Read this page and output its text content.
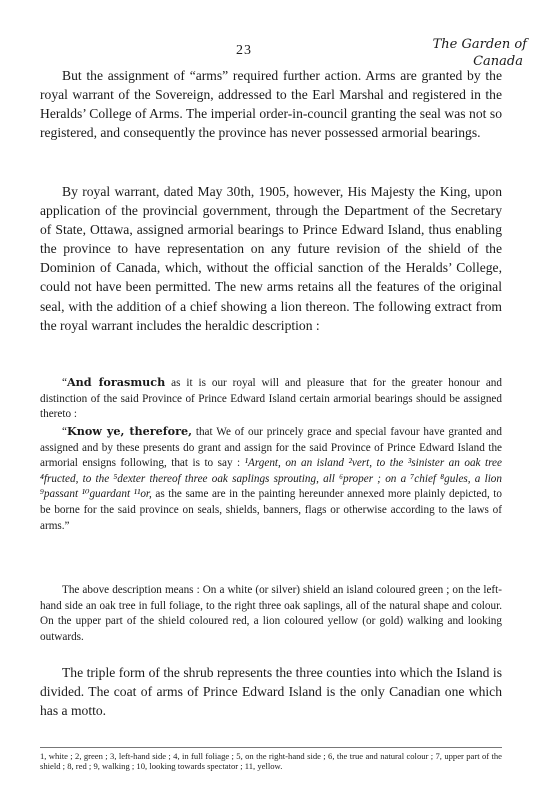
23	The Garden of
Canada

But the assignment of “arms” required further action. Arms are granted by the royal warrant of the Sovereign, addressed to the Earl Marshal and registered in the Heralds’ College of Arms. The imperial order-in-council granting the seal was not so registered, and consequently the province has never possessed armorial bearings.

By royal warrant, dated May 30th, 1905, however, His Majesty the King, upon application of the provincial government, through the Department of the Secretary of State, Ottawa, assigned armorial bearings to Prince Edward Island, thus enabling the province to have representation on any future revision of the shield of the Dominion of Canada, which, without the official sanction of the Heralds’ College, could not have been permitted. The new arms retains all the features of the original seal, with the addition of a chief showing a lion thereon. The following extract from the royal warrant includes the heraldic description :

“And forasmuch as it is our royal will and pleasure that for the greater honour and distinction of the said Province of Prince Edward Island certain armorial bearings should be assigned thereto :

“Know ye, therefore, that We of our princely grace and special favour have granted and assigned and by these presents do grant and assign for the said Province of Prince Edward Island the armorial ensigns following, that is to say : ¹Argent, on an island ²vert, to the ³sinister an oak tree ⁴fructed, to the ⁵dexter thereof three oak saplings sprouting, all ⁶proper ; on a ⁷chief ⁸gules, a lion ⁹passant ¹⁰guardant ¹¹or, as the same are in the painting hereunder annexed more plainly depicted, to be borne for the said province on seals, shields, banners, flags or otherwise according to the laws of arms.”

The above description means : On a white (or silver) shield an island coloured green ; on the left-hand side an oak tree in full foliage, to the right three oak saplings, all of the natural shape and colour. On the upper part of the shield coloured red, a lion coloured yellow (or gold) walking and looking outwards.

The triple form of the shrub represents the three counties into which the Island is divided. The coat of arms of Prince Edward Island is the only Canadian one which has a motto.

1, white ; 2, green ; 3, left-hand side ; 4, in full foliage ; 5, on the right-hand side ; 6, the true and natural colour ; 7, upper part of the shield ; 8, red ; 9, walking ; 10, looking towards spectator ; 11, yellow.
